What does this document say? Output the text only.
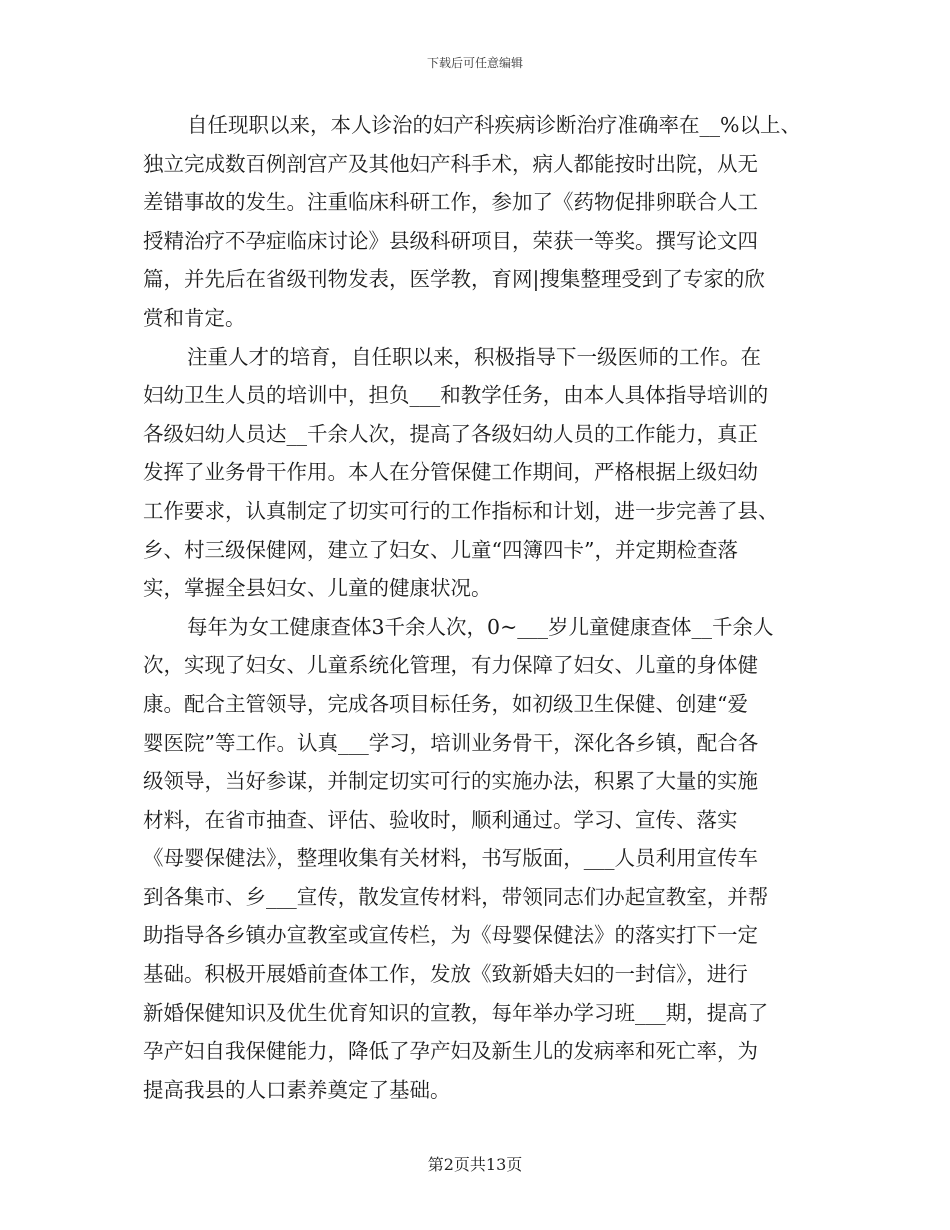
下载后可任意编辑
自任现职以来，本人诊治的妇产科疾病诊断治疗准确率在__%以上、
独立完成数百例剖宫产及其他妇产科手术，病人都能按时出院，从无
差错事故的发生。注重临床科研工作，参加了《药物促排卵联合人工
授精治疗不孕症临床讨论》县级科研项目，荣获一等奖。撰写论文四
篇，并先后在省级刊物发表，医学教，育网|搜集整理受到了专家的欣
赏和肯定。
注重人才的培育，自任职以来，积极指导下一级医师的工作。在
妇幼卫生人员的培训中，担负___和教学任务，由本人具体指导培训的
各级妇幼人员达__千余人次，提高了各级妇幼人员的工作能力，真正
发挥了业务骨干作用。本人在分管保健工作期间，严格根据上级妇幼
工作要求，认真制定了切实可行的工作指标和计划，进一步完善了县、
乡、村三级保健网，建立了妇女、儿童“四簿四卡”，并定期检查落
实，掌握全县妇女、儿童的健康状况。
每年为女工健康查体3千余人次，0~___岁儿童健康查体__千余人
次，实现了妇女、儿童系统化管理，有力保障了妇女、儿童的身体健
康。配合主管领导，完成各项目标任务，如初级卫生保健、创建“爱
婴医院”等工作。认真___学习，培训业务骨干，深化各乡镇，配合各
级领导，当好参谋，并制定切实可行的实施办法，积累了大量的实施
材料，在省市抽查、评估、验收时，顺利通过。学习、宣传、落实
《母婴保健法》，整理收集有关材料，书写版面，___人员利用宣传车
到各集市、乡___宣传，散发宣传材料，带领同志们办起宣教室，并帮
助指导各乡镇办宣教室或宣传栏，为《母婴保健法》的落实打下一定
基础。积极开展婚前查体工作，发放《致新婚夫妇的一封信》，进行
新婚保健知识及优生优育知识的宣教，每年举办学习班___期，提高了
孕产妇自我保健能力，降低了孕产妇及新生儿的发病率和死亡率，为
提高我县的人口素养奠定了基础。
第2页共13页
